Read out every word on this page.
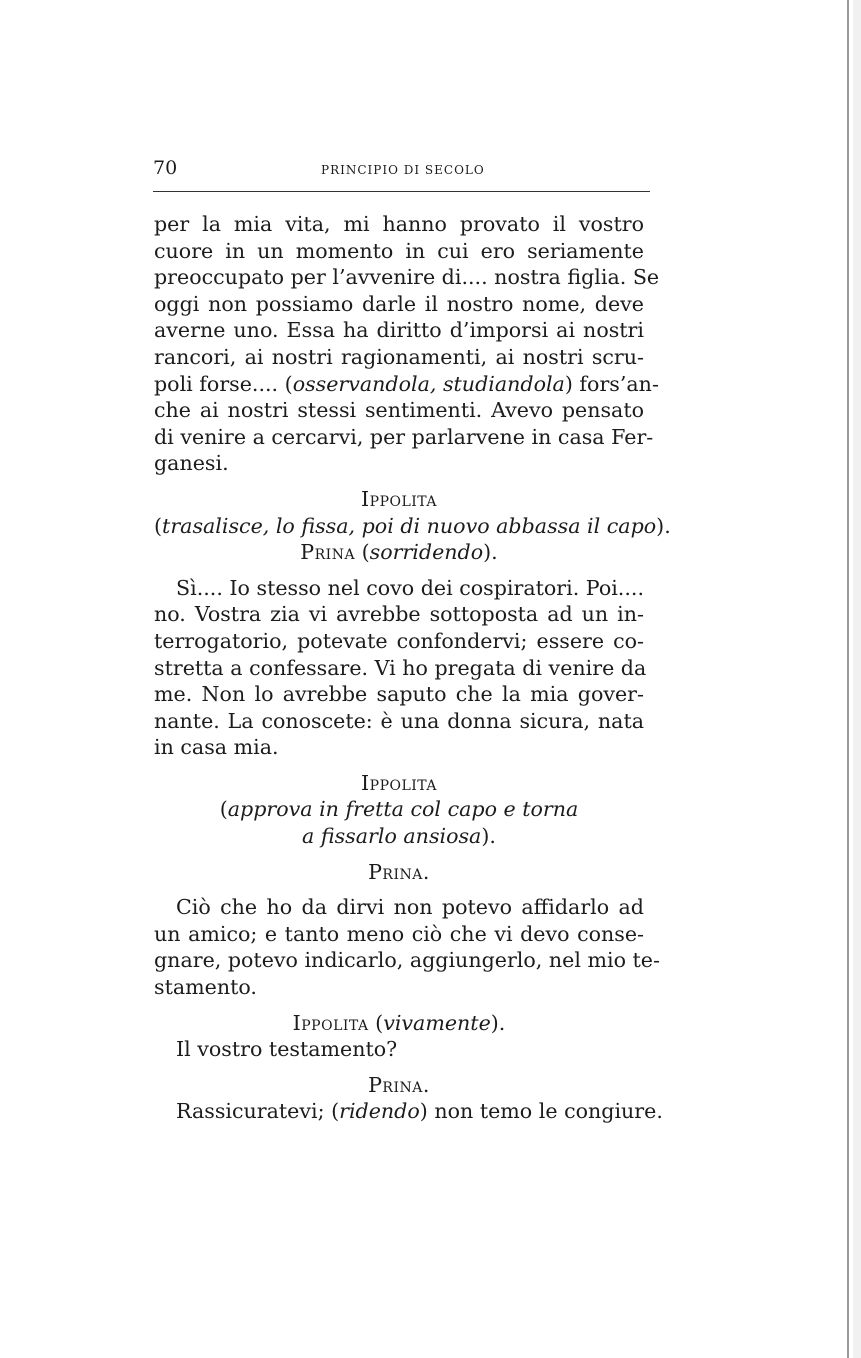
70	PRINCIPIO DI SECOLO
per la mia vita, mi hanno provato il vostro
cuore in un momento in cui ero seriamente
preoccupato per l’avvenire di.... nostra figlia. Se
oggi non possiamo darle il nostro nome, deve
averne uno. Essa ha diritto d’imporsi ai nostri
rancori, ai nostri ragionamenti, ai nostri scru-
poli forse.... (osservandola, studiandola) fors’an-
che ai nostri stessi sentimenti. Avevo pensato
di venire a cercarvi, per parlarvene in casa Fer-
ganesi.
Ippolita
(trasalisce, lo fissa, poi di nuovo abbassa il capo).
Prina (sorridendo).
Sì.... Io stesso nel covo dei cospiratori. Poi....
no. Vostra zia vi avrebbe sottoposta ad un in-
terrogatorio, potevate confondervi; essere co-
stretta a confessare. Vi ho pregata di venire da
me. Non lo avrebbe saputo che la mia gover-
nante. La conoscete: è una donna sicura, nata
in casa mia.
Ippolita
(approva in fretta col capo e torna
a fissarlo ansiosa).
Prina.
Ciò che ho da dirvi non potevo affidarlo ad
un amico; e tanto meno ciò che vi devo conse-
gnare, potevo indicarlo, aggiungerlo, nel mio te-
stamento.
Ippolita (vivamente).
Il vostro testamento?
Prina.
Rassicuratevi; (ridendo) non temo le congiure.
